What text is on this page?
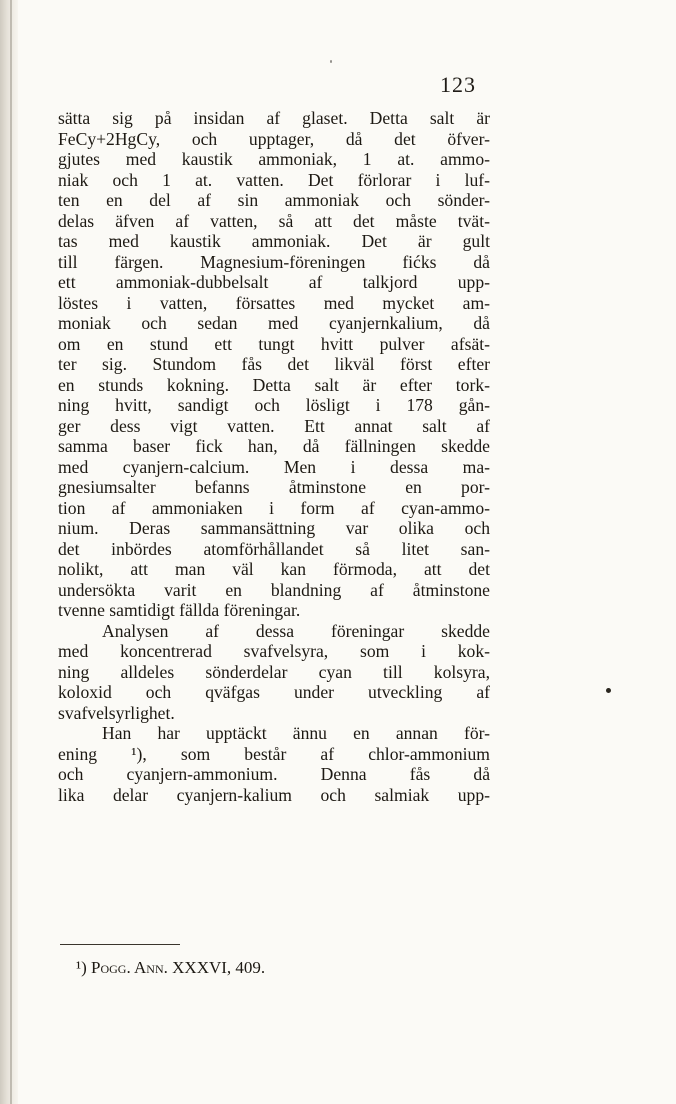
123
sätta sig på insidan af glaset. Detta salt är
FeCy+2HgCy, och upptager, då det öfver-
gjutes med kaustik ammoniak, 1 at. ammo-
niak och 1 at. vatten. Det förlorar i luf-
ten en del af sin ammoniak och sönder-
delas äfven af vatten, så att det måste tvät-
tas med kaustik ammoniak. Det är gult
till färgen. Magnesium-föreningen fićks då
ett ammoniak-dubbelsalt af talkjord upp-
löstes i vatten, försattes med mycket am-
moniak och sedan med cyanjernkalium, då
om en stund ett tungt hvitt pulver afsät-
ter sig. Stundom fås det likväl först efter
en stunds kokning. Detta salt är efter tork-
ning hvitt, sandigt och lösligt i 178 gån-
ger dess vigt vatten. Ett annat salt af
samma baser fick han, då fällningen skedde
med cyanjern-calcium. Men i dessa ma-
gnesiumsalter befanns åtminstone en por-
tion af ammoniaken i form af cyan-ammo-
nium. Deras sammansättning var olika och
det inbördes atomförhållandet så litet san-
nolikt, att man väl kan förmoda, att det
undersökta varit en blandning af åtminstone
tvenne samtidigt fällda föreningar.
Analysen af dessa föreningar skedde
med koncentrerad svafvelsyra, som i kok-
ning alldeles sönderdelar cyan till kolsyra,
koloxid och qväfgas under utveckling af
svafvelsyrlighet.
Han har upptäckt ännu en annan för-
ening ¹), som består af chlor-ammonium
och cyanjern-ammonium. Denna fås då
lika delar cyanjern-kalium och salmiak upp-
¹) Pogg. Ann. XXXVI, 409.
